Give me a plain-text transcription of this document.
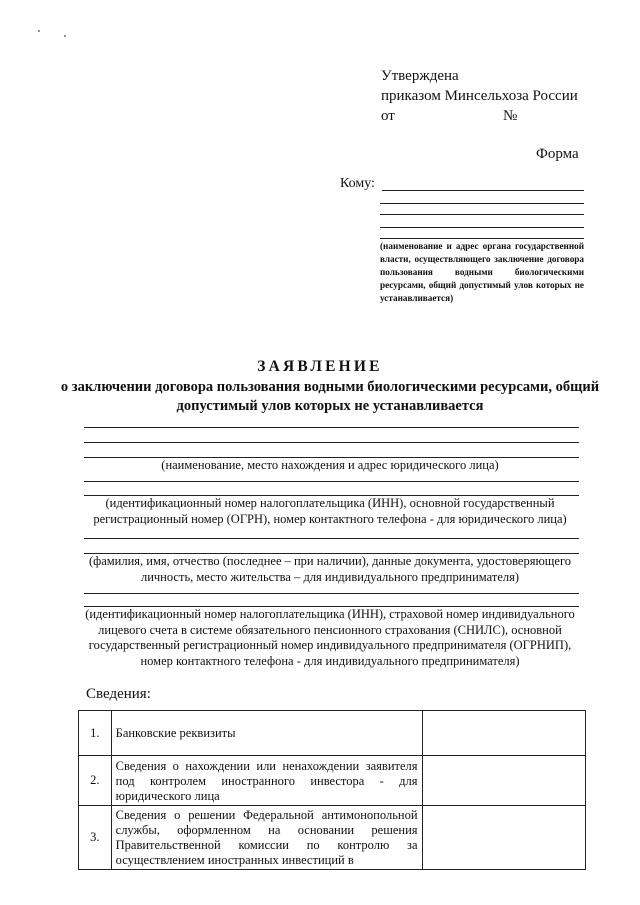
Утверждена
приказом Минсельхоза России
от	№
Форма
Кому:
(наименование и адрес органа государственной власти, осуществляющего заключение договора пользования водными биологическими ресурсами, общий допустимый улов которых не устанавливается)
ЗАЯВЛЕНИЕ
о заключении договора пользования водными биологическими ресурсами, общий допустимый улов которых не устанавливается
(наименование, место нахождения и адрес юридического лица)
(идентификационный номер налогоплательщика (ИНН), основной государственный регистрационный номер (ОГРН), номер контактного телефона - для юридического лица)
(фамилия, имя, отчество (последнее – при наличии), данные документа, удостоверяющего личность, место жительства – для индивидуального предпринимателя)
(идентификационный номер налогоплательщика (ИНН), страховой номер индивидуального лицевого счета в системе обязательного пенсионного страхования (СНИЛС), основной государственный регистрационный номер индивидуального предпринимателя (ОГРНИП), номер контактного телефона - для индивидуального предпринимателя)
Сведения:
1.	Банковские реквизиты	
2.	Сведения о нахождении или ненахождении заявителя под контролем иностранного инвестора - для юридического лица	
3.	Сведения о решении Федеральной антимонопольной службы, оформленном на основании решения Правительственной комиссии по контролю за осуществлением иностранных инвестиций в	
